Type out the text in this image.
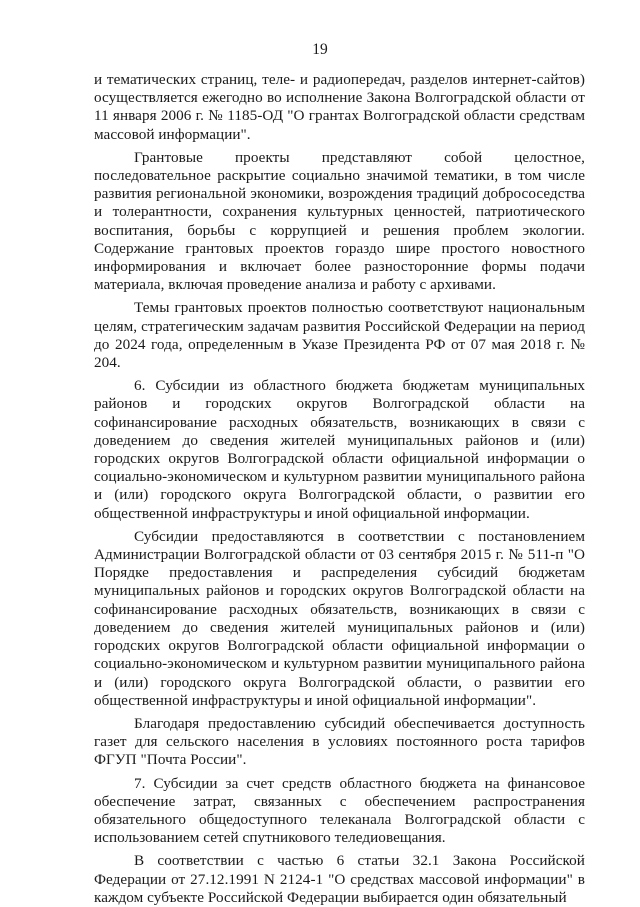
19

и тематических страниц, теле- и радиопередач, разделов интернет-сайтов) осуществляется ежегодно во исполнение Закона Волгоградской области от 11 января 2006 г. № 1185-ОД "О грантах Волгоградской области средствам массовой информации".

Грантовые проекты представляют собой целостное, последовательное раскрытие социально значимой тематики, в том числе развития региональной экономики, возрождения традиций добрососедства и толерантности, сохранения культурных ценностей, патриотического воспитания, борьбы с коррупцией и решения проблем экологии. Содержание грантовых проектов гораздо шире простого новостного информирования и включает более разносторонние формы подачи материала, включая проведение анализа и работу с архивами.

Темы грантовых проектов полностью соответствуют национальным целям, стратегическим задачам развития Российской Федерации на период до 2024 года, определенным в Указе Президента РФ от 07 мая 2018 г. № 204.

6. Субсидии из областного бюджета бюджетам муниципальных районов и городских округов Волгоградской области на софинансирование расходных обязательств, возникающих в связи с доведением до сведения жителей муниципальных районов и (или) городских округов Волгоградской области официальной информации о социально-экономическом и культурном развитии муниципального района и (или) городского округа Волгоградской области, о развитии его общественной инфраструктуры и иной официальной информации.

Субсидии предоставляются в соответствии с постановлением Администрации Волгоградской области от 03 сентября 2015 г. № 511-п "О Порядке предоставления и распределения субсидий бюджетам муниципальных районов и городских округов Волгоградской области на софинансирование расходных обязательств, возникающих в связи с доведением до сведения жителей муниципальных районов и (или) городских округов Волгоградской области официальной информации о социально-экономическом и культурном развитии муниципального района и (или) городского округа Волгоградской области, о развитии его общественной инфраструктуры и иной официальной информации".

Благодаря предоставлению субсидий обеспечивается доступность газет для сельского населения в условиях постоянного роста тарифов ФГУП "Почта России".

7. Субсидии за счет средств областного бюджета на финансовое обеспечение затрат, связанных с обеспечением распространения обязательного общедоступного телеканала Волгоградской области с использованием сетей спутникового теледиовещания.

В соответствии с частью 6 статьи 32.1 Закона Российской Федерации от 27.12.1991 N 2124-1 "О средствах массовой информации" в каждом субъекте Российской Федерации выбирается один обязательный
